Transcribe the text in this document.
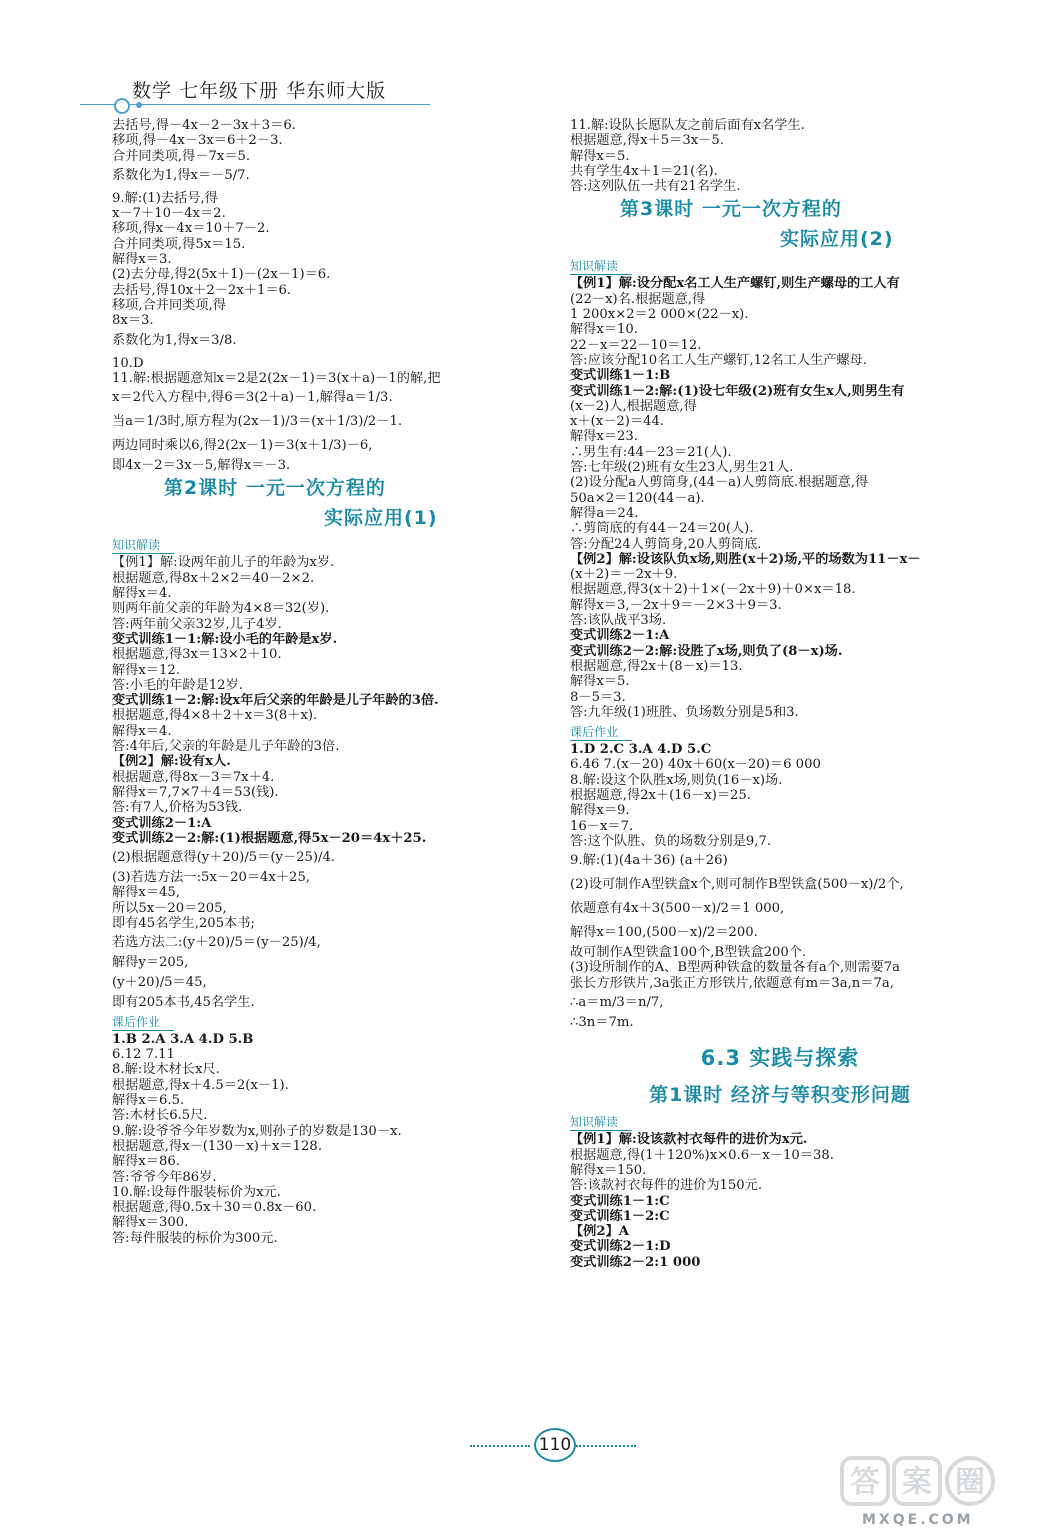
数学 七年级下册 华东师大版
去括号,得－4x－2－3x＋3＝6.
移项,得－4x－3x＝6＋2－3.
合并同类项,得－7x＝5.
系数化为1,得x＝－5/7.
9.解:(1)去括号,得
x－7＋10－4x＝2.
移项,得x－4x＝10＋7－2.
合并同类项,得5x＝15.
解得x＝3.
(2)去分母,得2(5x＋1)－(2x－1)＝6.
去括号,得10x＋2－2x＋1＝6.
移项,合并同类项,得
8x＝3.
系数化为1,得x＝3/8.
10.D
11.解:根据题意知x＝2是2(2x－1)＝3(x＋a)－1的解,把
x＝2代入方程中,得6＝3(2＋a)－1,解得a＝1/3.
当a＝1/3时,原方程为(2x－1)/3＝(x＋1/3)/2－1.
两边同时乘以6,得2(2x－1)＝3(x＋1/3)－6,
即4x－2＝3x－5,解得x＝－3.
第2课时 一元一次方程的
实际应用(1)
知识解读
【例1】解:设两年前儿子的年龄为x岁.
根据题意,得8x＋2×2＝40－2×2.
解得x＝4.
则两年前父亲的年龄为4×8＝32(岁).
答:两年前父亲32岁,儿子4岁.
变式训练1－1:解:设小毛的年龄是x岁.
根据题意,得3x＝13×2＋10.
解得x＝12.
答:小毛的年龄是12岁.
变式训练1－2:解:设x年后父亲的年龄是儿子年龄的3倍.
根据题意,得4×8＋2＋x＝3(8＋x).
解得x＝4.
答:4年后,父亲的年龄是儿子年龄的3倍.
【例2】解:设有x人.
根据题意,得8x－3＝7x＋4.
解得x＝7,7×7＋4＝53(钱).
答:有7人,价格为53钱.
变式训练2－1:A
变式训练2－2:解:(1)根据题意,得5x－20＝4x＋25.
(2)根据题意得(y＋20)/5＝(y－25)/4.
(3)若选方法一:5x－20＝4x＋25,
解得x＝45,
所以5x－20＝205,
即有45名学生,205本书;
若选方法二:(y＋20)/5＝(y－25)/4,
解得y＝205,
(y＋20)/5＝45,
即有205本书,45名学生.
课后作业
1.B 2.A 3.A 4.D 5.B
6.12 7.11
8.解:设木材长x尺.
根据题意,得x＋4.5＝2(x－1).
解得x＝6.5.
答:木材长6.5尺.
9.解:设爷爷今年岁数为x,则孙子的岁数是130－x.
根据题意,得x－(130－x)＋x＝128.
解得x＝86.
答:爷爷今年86岁.
10.解:设每件服装标价为x元.
根据题意,得0.5x＋30＝0.8x－60.
解得x＝300.
答:每件服装的标价为300元.
11.解:设队长愿队友之前后面有x名学生.
根据题意,得x＋5＝3x－5.
解得x＝5.
共有学生4x＋1＝21(名).
答:这列队伍一共有21名学生.
第3课时 一元一次方程的
实际应用(2)
知识解读
【例1】解:设分配x名工人生产螺钉,则生产螺母的工人有
(22－x)名.根据题意,得
1 200x×2＝2 000×(22－x).
解得x＝10.
22－x＝22－10＝12.
答:应该分配10名工人生产螺钉,12名工人生产螺母.
变式训练1－1:B
变式训练1－2:解:(1)设七年级(2)班有女生x人,则男生有
(x－2)人,根据题意,得
x＋(x－2)＝44.
解得x＝23.
∴男生有:44－23＝21(人).
答:七年级(2)班有女生23人,男生21人.
(2)设分配a人剪筒身,(44－a)人剪筒底.根据题意,得
50a×2＝120(44－a).
解得a＝24.
∴剪筒底的有44－24＝20(人).
答:分配24人剪筒身,20人剪筒底.
【例2】解:设该队负x场,则胜(x＋2)场,平的场数为11－x－
(x＋2)＝－2x＋9.
根据题意,得3(x＋2)＋1×(－2x＋9)＋0×x＝18.
解得x＝3,－2x＋9＝－2×3＋9＝3.
答:该队战平3场.
变式训练2－1:A
变式训练2－2:解:设胜了x场,则负了(8－x)场.
根据题意,得2x＋(8－x)＝13.
解得x＝5.
8－5＝3.
答:九年级(1)班胜、负场数分别是5和3.
课后作业
1.D 2.C 3.A 4.D 5.C
6.46 7.(x－20) 40x＋60(x－20)＝6 000
8.解:设这个队胜x场,则负(16－x)场.
根据题意,得2x＋(16－x)＝25.
解得x＝9.
16－x＝7.
答:这个队胜、负的场数分别是9,7.
9.解:(1)(4a＋36) (a＋26)
(2)设可制作A型铁盒x个,则可制作B型铁盒(500－x)/2个,
依题意有4x＋3(500－x)/2＝1 000,
解得x＝100,(500－x)/2＝200.
故可制作A型铁盒100个,B型铁盒200个.
(3)设所制作的A、B型两种铁盒的数量各有a个,则需要7a
张长方形铁片,3a张正方形铁片,依题意有m＝3a,n＝7a,
∴a＝m/3＝n/7,
∴3n＝7m.
6.3 实践与探索
第1课时 经济与等积变形问题
知识解读
【例1】解:设该款衬衣每件的进价为x元.
根据题意,得(1＋120%)x×0.6－x－10＝38.
解得x＝150.
答:该款衬衣每件的进价为150元.
变式训练1－1:C
变式训练1－2:C
【例2】A
变式训练2－1:D
变式训练2－2:1 000
110
答 案 圈
MXQE.COM
